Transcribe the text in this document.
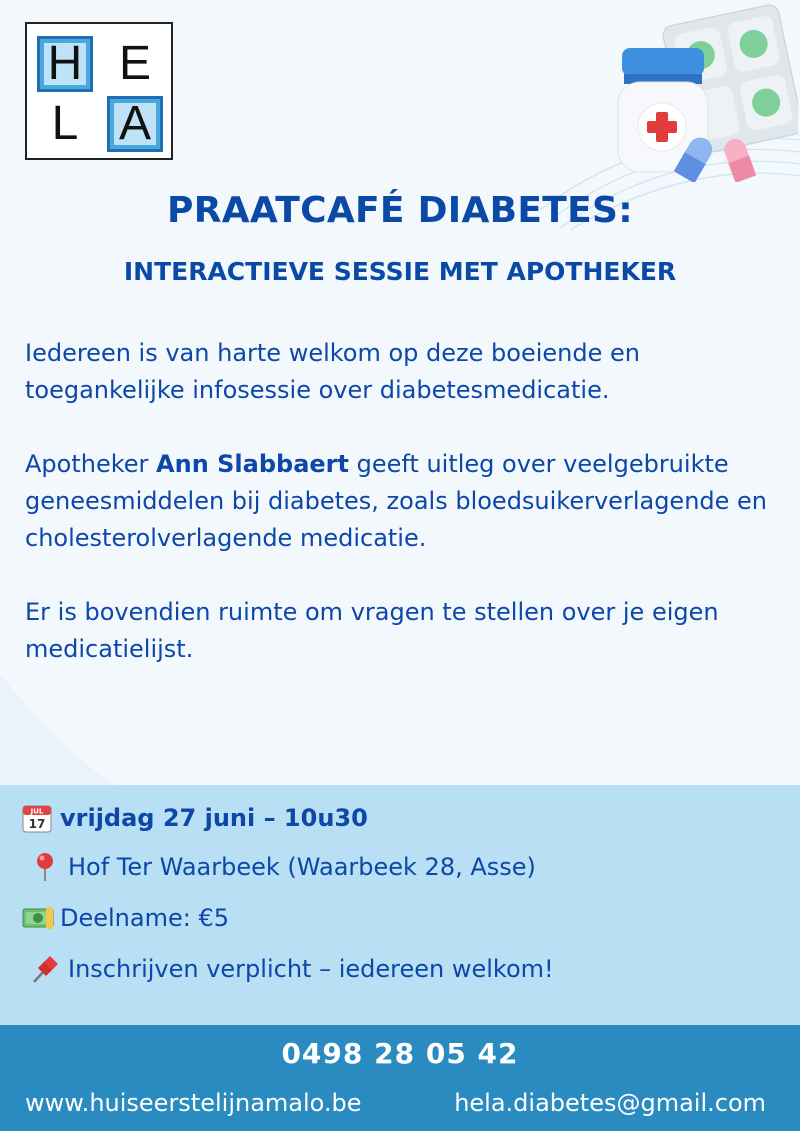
H E
L A
PRAATCAFÉ DIABETES:
INTERACTIEVE SESSIE MET APOTHEKER

Iedereen is van harte welkom op deze boeiende en toegankelijke infosessie over diabetesmedicatie.

Apotheker Ann Slabbaert geeft uitleg over veelgebruikte geneesmiddelen bij diabetes, zoals bloedsuikerverlagende en cholesterolverlagende medicatie.

Er is bovendien ruimte om vragen te stellen over je eigen medicatielijst.

JUL
17 vrijdag 27 juni – 10u30
Hof Ter Waarbeek (Waarbeek 28, Asse)
Deelname: €5
Inschrijven verplicht – iedereen welkom!
0498 28 05 42
www.huiseerstelijnamalo.be	hela.diabetes@gmail.com
